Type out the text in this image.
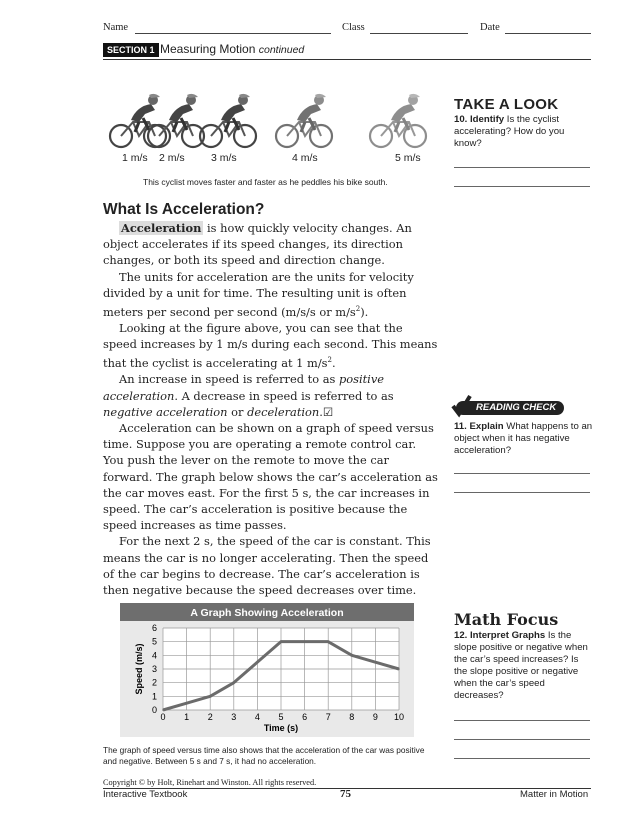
Name	Class	Date
SECTION 1 Measuring Motion continued
1 m/s 2 m/s	3 m/s	4 m/s	5 m/s
This cyclist moves faster and faster as he peddles his bike south.
What Is Acceleration?

Acceleration is how quickly velocity changes. An object accelerates if its speed changes, its direction changes, or both its speed and direction change.

The units for acceleration are the units for velocity divided by a unit for time. The resulting unit is often meters per second per second (m/s/s or $m/s^2$).

Looking at the figure above, you can see that the speed increases by 1 m/s during each second. This means that the cyclist is accelerating at 1 $m/s^2$.

An increase in speed is referred to as positive acceleration. A decrease in speed is referred to as negative acceleration or deceleration.☑

Acceleration can be shown on a graph of speed versus time. Suppose you are operating a remote control car. You push the lever on the remote to move the car forward. The graph below shows the car’s acceleration as the car moves east. For the first 5 s, the car increases in speed. The car’s acceleration is positive because the speed increases as time passes.

For the next 2 s, the speed of the car is constant. This means the car is no longer accelerating. Then the speed of the car begins to decrease. The car’s acceleration is then negative because the speed decreases over time.

TAKE A LOOK
10. Identify Is the cyclist accelerating? How do you know?
READING CHECK
11. Explain What happens to an object when it has negative acceleration?
Math Focus
12. Interpret Graphs Is the slope positive or negative when the car’s speed increases? Is the slope positive or negative when the car’s speed decreases?
A Graph Showing Acceleration
0 1 2 3 4 5 6 7 8 9 10
0
1
2
3
4
5
6
Time (s)
Speed (m/s)
The graph of speed versus time also shows that the acceleration of the car was positive and negative. Between 5 s and 7 s, it had no acceleration.
Copyright © by Holt, Rinehart and Winston. All rights reserved.
Interactive Textbook	75	Matter in Motion
